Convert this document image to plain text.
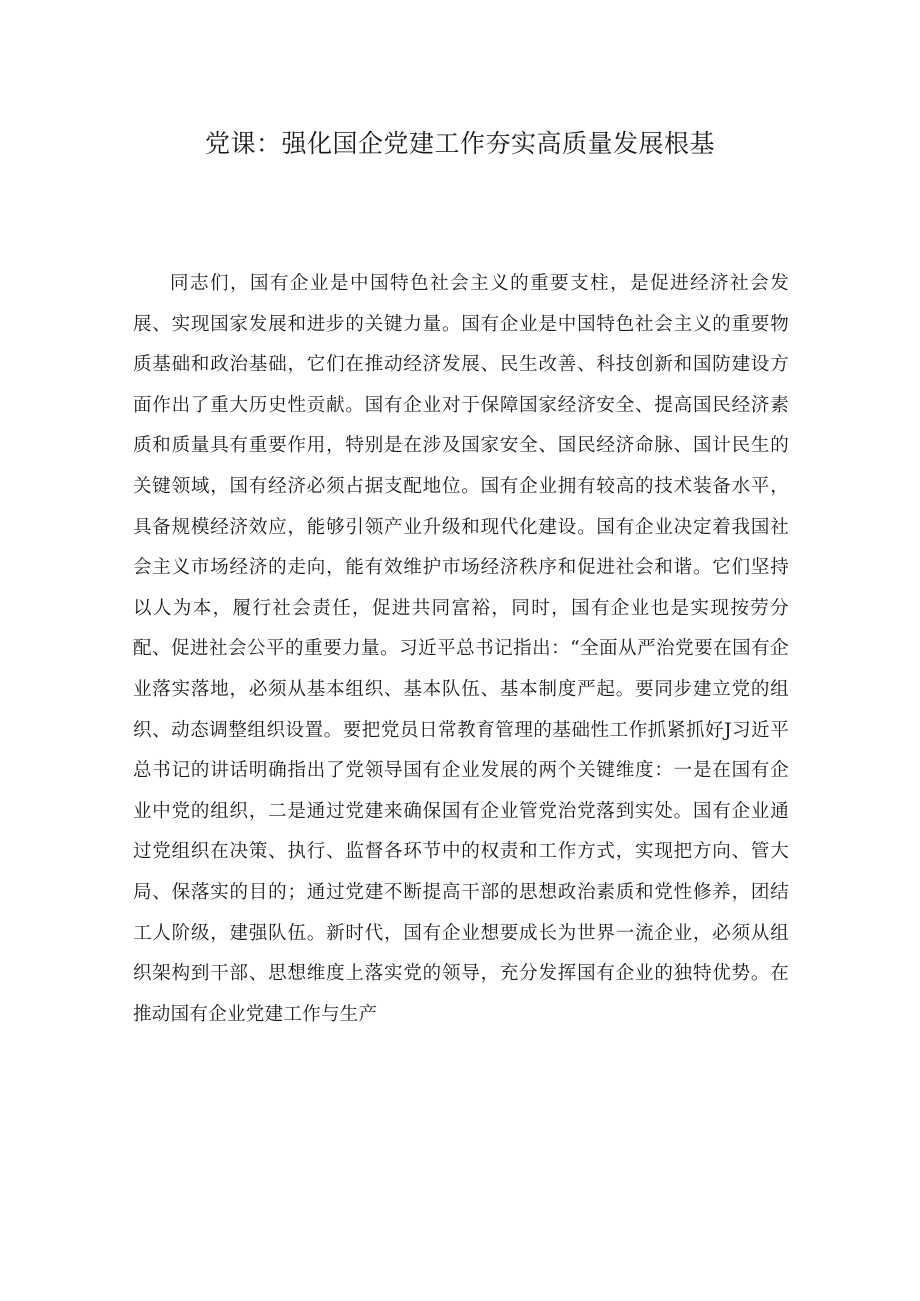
党课：强化国企党建工作夯实高质量发展根基

同志们，国有企业是中国特色社会主义的重要支柱，是促进经济社会发展、实现国家发展和进步的关键力量。国有企业是中国特色社会主义的重要物质基础和政治基础，它们在推动经济发展、民生改善、科技创新和国防建设方面作出了重大历史性贡献。国有企业对于保障国家经济安全、提高国民经济素质和质量具有重要作用，特别是在涉及国家安全、国民经济命脉、国计民生的关键领域，国有经济必须占据支配地位。国有企业拥有较高的技术装备水平，具备规模经济效应，能够引领产业升级和现代化建设。国有企业决定着我国社会主义市场经济的走向，能有效维护市场经济秩序和促进社会和谐。它们坚持以人为本，履行社会责任，促进共同富裕，同时，国有企业也是实现按劳分配、促进社会公平的重要力量。习近平总书记指出：“全面从严治党要在国有企业落实落地，必须从基本组织、基本队伍、基本制度严起。要同步建立党的组织、动态调整组织设置。要把党员日常教育管理的基础性工作抓紧抓好J习近平总书记的讲话明确指出了党领导国有企业发展的两个关键维度：一是在国有企业中党的组织，二是通过党建来确保国有企业管党治党落到实处。国有企业通过党组织在决策、执行、监督各环节中的权责和工作方式，实现把方向、管大局、保落实的目的；通过党建不断提高干部的思想政治素质和党性修养，团结工人阶级，建强队伍。新时代，国有企业想要成长为世界一流企业，必须从组织架构到干部、思想维度上落实党的领导，充分发挥国有企业的独特优势。在推动国有企业党建工作与生产
